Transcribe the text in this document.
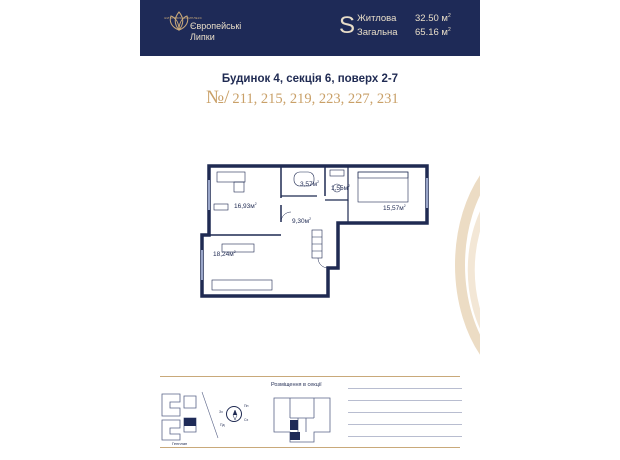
ЖИТЛОВИЙ КОМПЛЕКС
Європейські
Липки	S Житлова 32.50 $м^2$
Загальна 65.16 $м^2$
Будинок 4, секція 6, поверх 2-7
№/ 211, 215, 219, 223, 227, 231
$16,93м^2$
$3,57м^2$
$1,55м^2$
$15,57м^2$
$9,30м^2$
$18,24м^2$
Генплан
Пн
Сх
Пд
Зх
Розміщення в секції
